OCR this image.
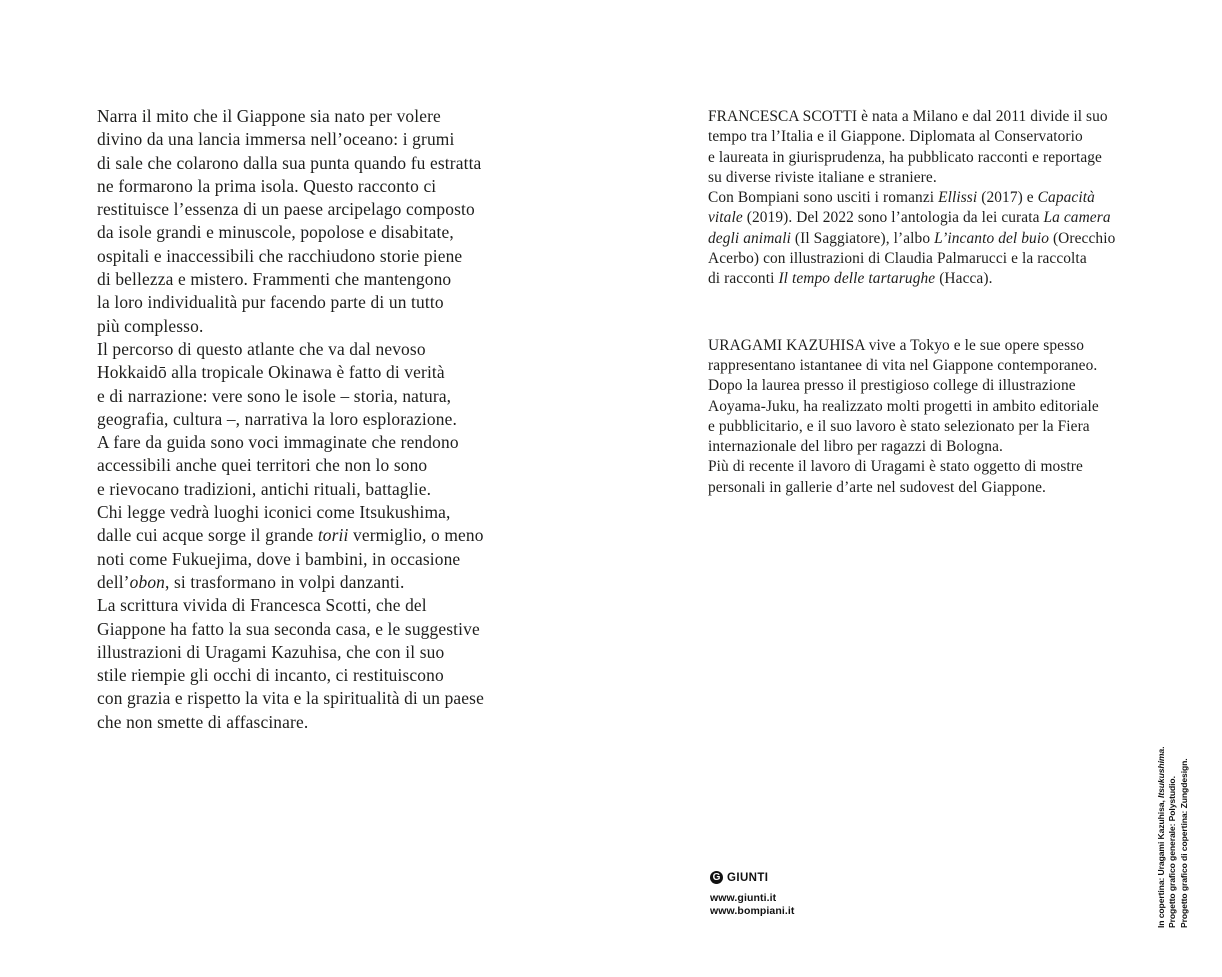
Narra il mito che il Giappone sia nato per volere
divino da una lancia immersa nell’oceano: i grumi
di sale che colarono dalla sua punta quando fu estratta
ne formarono la prima isola. Questo racconto ci
restituisce l’essenza di un paese arcipelago composto
da isole grandi e minuscole, popolose e disabitate,
ospitali e inaccessibili che racchiudono storie piene
di bellezza e mistero. Frammenti che mantengono
la loro individualità pur facendo parte di un tutto
più complesso.
Il percorso di questo atlante che va dal nevoso
Hokkaidō alla tropicale Okinawa è fatto di verità
e di narrazione: vere sono le isole – storia, natura,
geografia, cultura –, narrativa la loro esplorazione.
A fare da guida sono voci immaginate che rendono
accessibili anche quei territori che non lo sono
e rievocano tradizioni, antichi rituali, battaglie.
Chi legge vedrà luoghi iconici come Itsukushima,
dalle cui acque sorge il grande torii vermiglio, o meno
noti come Fukuejima, dove i bambini, in occasione
dell’obon, si trasformano in volpi danzanti.
La scrittura vivida di Francesca Scotti, che del
Giappone ha fatto la sua seconda casa, e le suggestive
illustrazioni di Uragami Kazuhisa, che con il suo
stile riempie gli occhi di incanto, ci restituiscono
con grazia e rispetto la vita e la spiritualità di un paese
che non smette di affascinare.
FRANCESCA SCOTTI è nata a Milano e dal 2011 divide il suo
tempo tra l’Italia e il Giappone. Diplomata al Conservatorio
e laureata in giurisprudenza, ha pubblicato racconti e reportage
su diverse riviste italiane e straniere.
Con Bompiani sono usciti i romanzi Ellissi (2017) e Capacità
vitale (2019). Del 2022 sono l’antologia da lei curata La camera
degli animali (Il Saggiatore), l’albo L’incanto del buio (Orecchio
Acerbo) con illustrazioni di Claudia Palmarucci e la raccolta
di racconti Il tempo delle tartarughe (Hacca).
URAGAMI KAZUHISA vive a Tokyo e le sue opere spesso
rappresentano istantanee di vita nel Giappone contemporaneo.
Dopo la laurea presso il prestigioso college di illustrazione
Aoyama-Juku, ha realizzato molti progetti in ambito editoriale
e pubblicitario, e il suo lavoro è stato selezionato per la Fiera
internazionale del libro per ragazzi di Bologna.
Più di recente il lavoro di Uragami è stato oggetto di mostre
personali in gallerie d’arte nel sudovest del Giappone.
G GIUNTI
www.giunti.it
www.bompiani.it	In copertina: Uragami Kazuhisa, Itsukushima.
Progetto grafico generale: Polystudio. Progetto grafico di copertina: Zungdesign.
